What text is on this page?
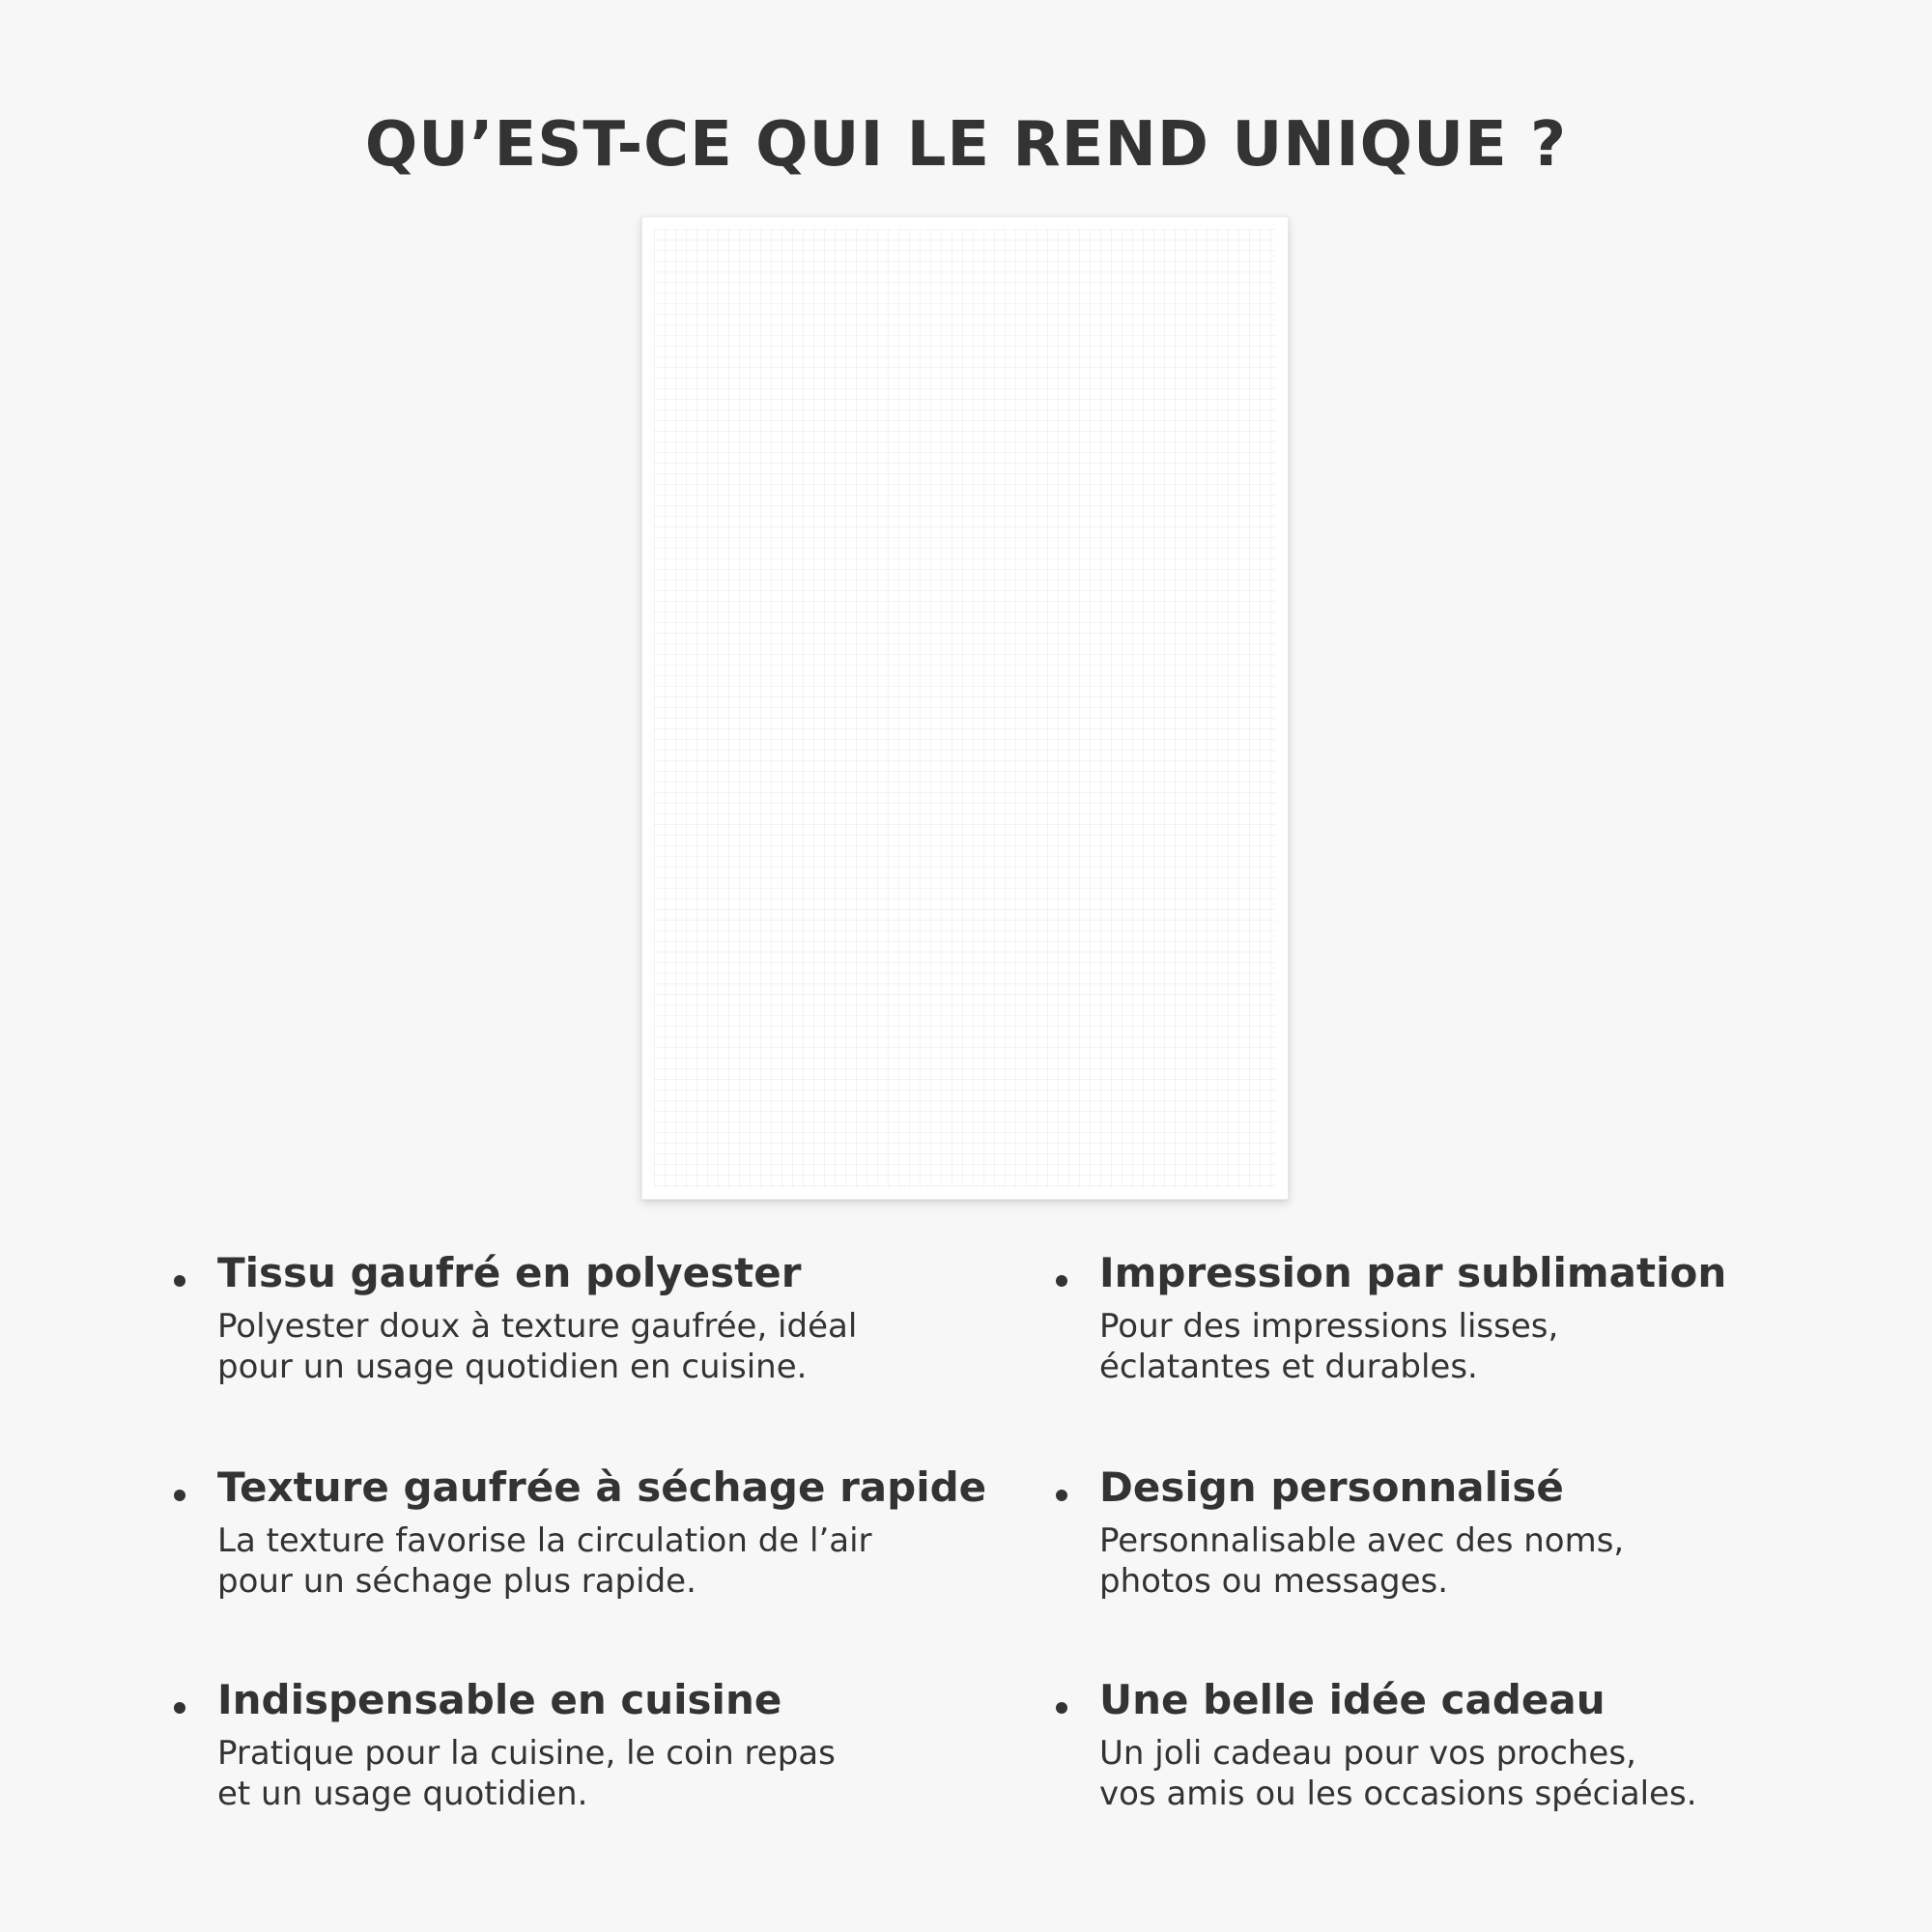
QU’EST-CE QUI LE REND UNIQUE ?
Tissu gaufré en polyester

Polyester doux à texture gaufrée, idéal
pour un usage quotidien en cuisine.

Impression par sublimation

Pour des impressions lisses,
éclatantes et durables.

Texture gaufrée à séchage rapide

La texture favorise la circulation de l’air
pour un séchage plus rapide.

Design personnalisé

Personnalisable avec des noms,
photos ou messages.

Indispensable en cuisine

Pratique pour la cuisine, le coin repas
et un usage quotidien.

Une belle idée cadeau

Un joli cadeau pour vos proches,
vos amis ou les occasions spéciales.
